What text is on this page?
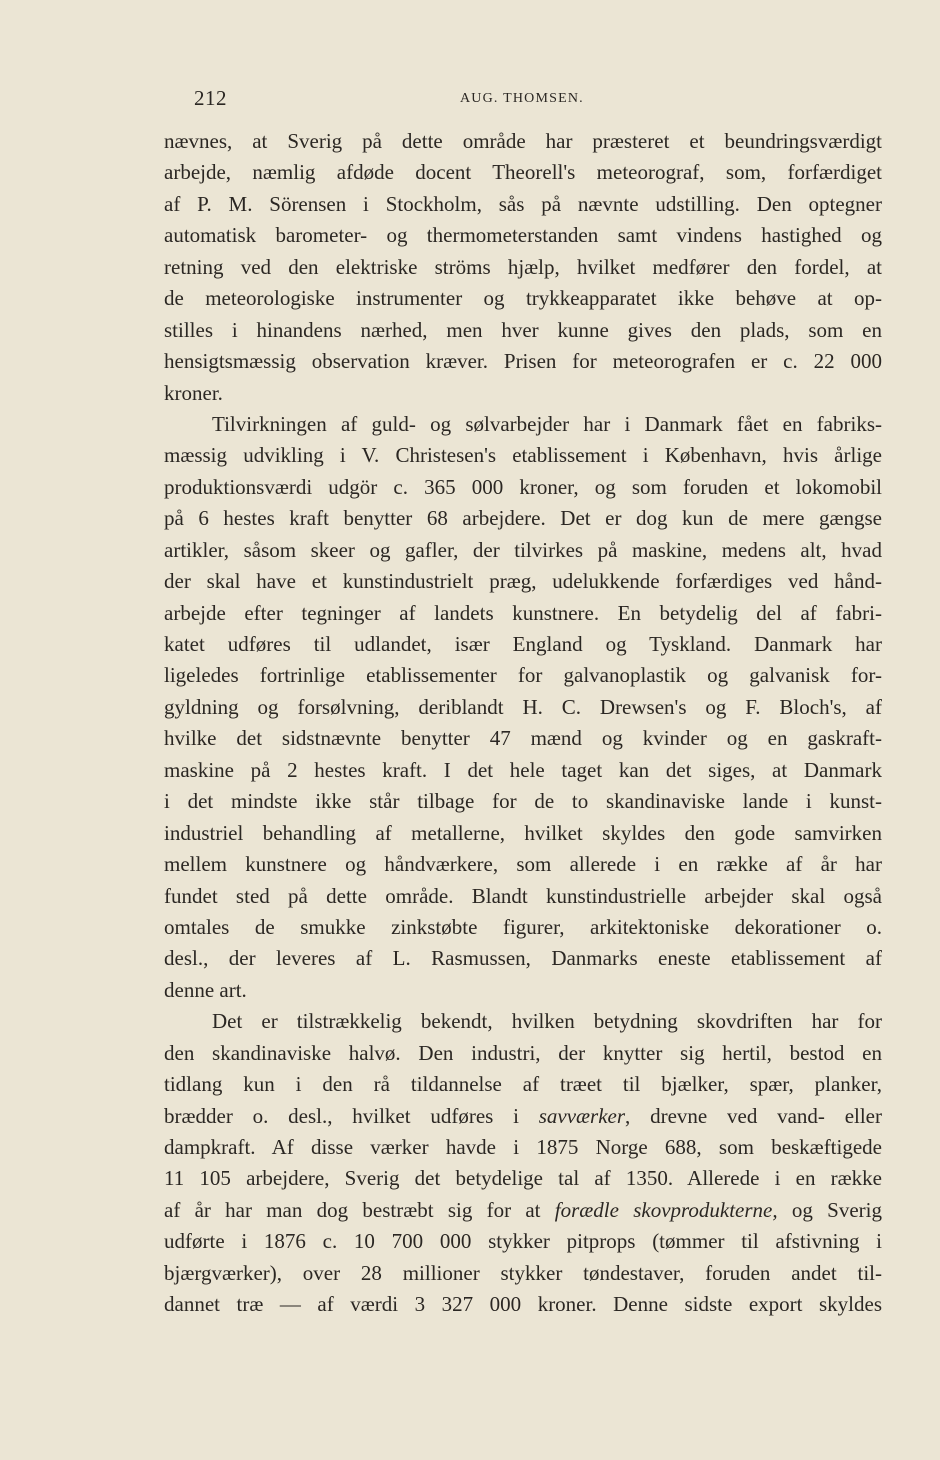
212	AUG. THOMSEN.
nævnes, at Sverig på dette område har præsteret et beundringsværdigt
arbejde, næmlig afdøde docent Theorell's meteorograf, som, forfærdiget
af P. M. Sörensen i Stockholm, sås på nævnte udstilling. Den optegner
automatisk barometer- og thermometerstanden samt vindens hastighed og
retning ved den elektriske ströms hjælp, hvilket medfører den fordel, at
de meteorologiske instrumenter og trykkeapparatet ikke behøve at op-
stilles i hinandens nærhed, men hver kunne gives den plads, som en
hensigtsmæssig observation kræver. Prisen for meteorografen er c. 22 000
kroner.
Tilvirkningen af guld- og sølvarbejder har i Danmark fået en fabriks-
mæssig udvikling i V. Christesen's etablissement i København, hvis årlige
produktionsværdi udgör c. 365 000 kroner, og som foruden et lokomobil
på 6 hestes kraft benytter 68 arbejdere. Det er dog kun de mere gængse
artikler, såsom skeer og gafler, der tilvirkes på maskine, medens alt, hvad
der skal have et kunstindustrielt præg, udelukkende forfærdiges ved hånd-
arbejde efter tegninger af landets kunstnere. En betydelig del af fabri-
katet udføres til udlandet, især England og Tyskland. Danmark har
ligeledes fortrinlige etablissementer for galvanoplastik og galvanisk for-
gyldning og forsølvning, deriblandt H. C. Drewsen's og F. Bloch's, af
hvilke det sidstnævnte benytter 47 mænd og kvinder og en gaskraft-
maskine på 2 hestes kraft. I det hele taget kan det siges, at Danmark
i det mindste ikke står tilbage for de to skandinaviske lande i kunst-
industriel behandling af metallerne, hvilket skyldes den gode samvirken
mellem kunstnere og håndværkere, som allerede i en række af år har
fundet sted på dette område. Blandt kunstindustrielle arbejder skal også
omtales de smukke zinkstøbte figurer, arkitektoniske dekorationer o.
desl., der leveres af L. Rasmussen, Danmarks eneste etablissement af
denne art.
Det er tilstrækkelig bekendt, hvilken betydning skovdriften har for
den skandinaviske halvø. Den industri, der knytter sig hertil, bestod en
tidlang kun i den rå tildannelse af træet til bjælker, spær, planker,
brædder o. desl., hvilket udføres i savværker, drevne ved vand- eller
dampkraft. Af disse værker havde i 1875 Norge 688, som beskæftigede
11 105 arbejdere, Sverig det betydelige tal af 1350. Allerede i en række
af år har man dog bestræbt sig for at forædle skovprodukterne, og Sverig
udførte i 1876 c. 10 700 000 stykker pitprops (tømmer til afstivning i
bjærgværker), over 28 millioner stykker tøndestaver, foruden andet til-
dannet træ — af værdi 3 327 000 kroner. Denne sidste export skyldes
